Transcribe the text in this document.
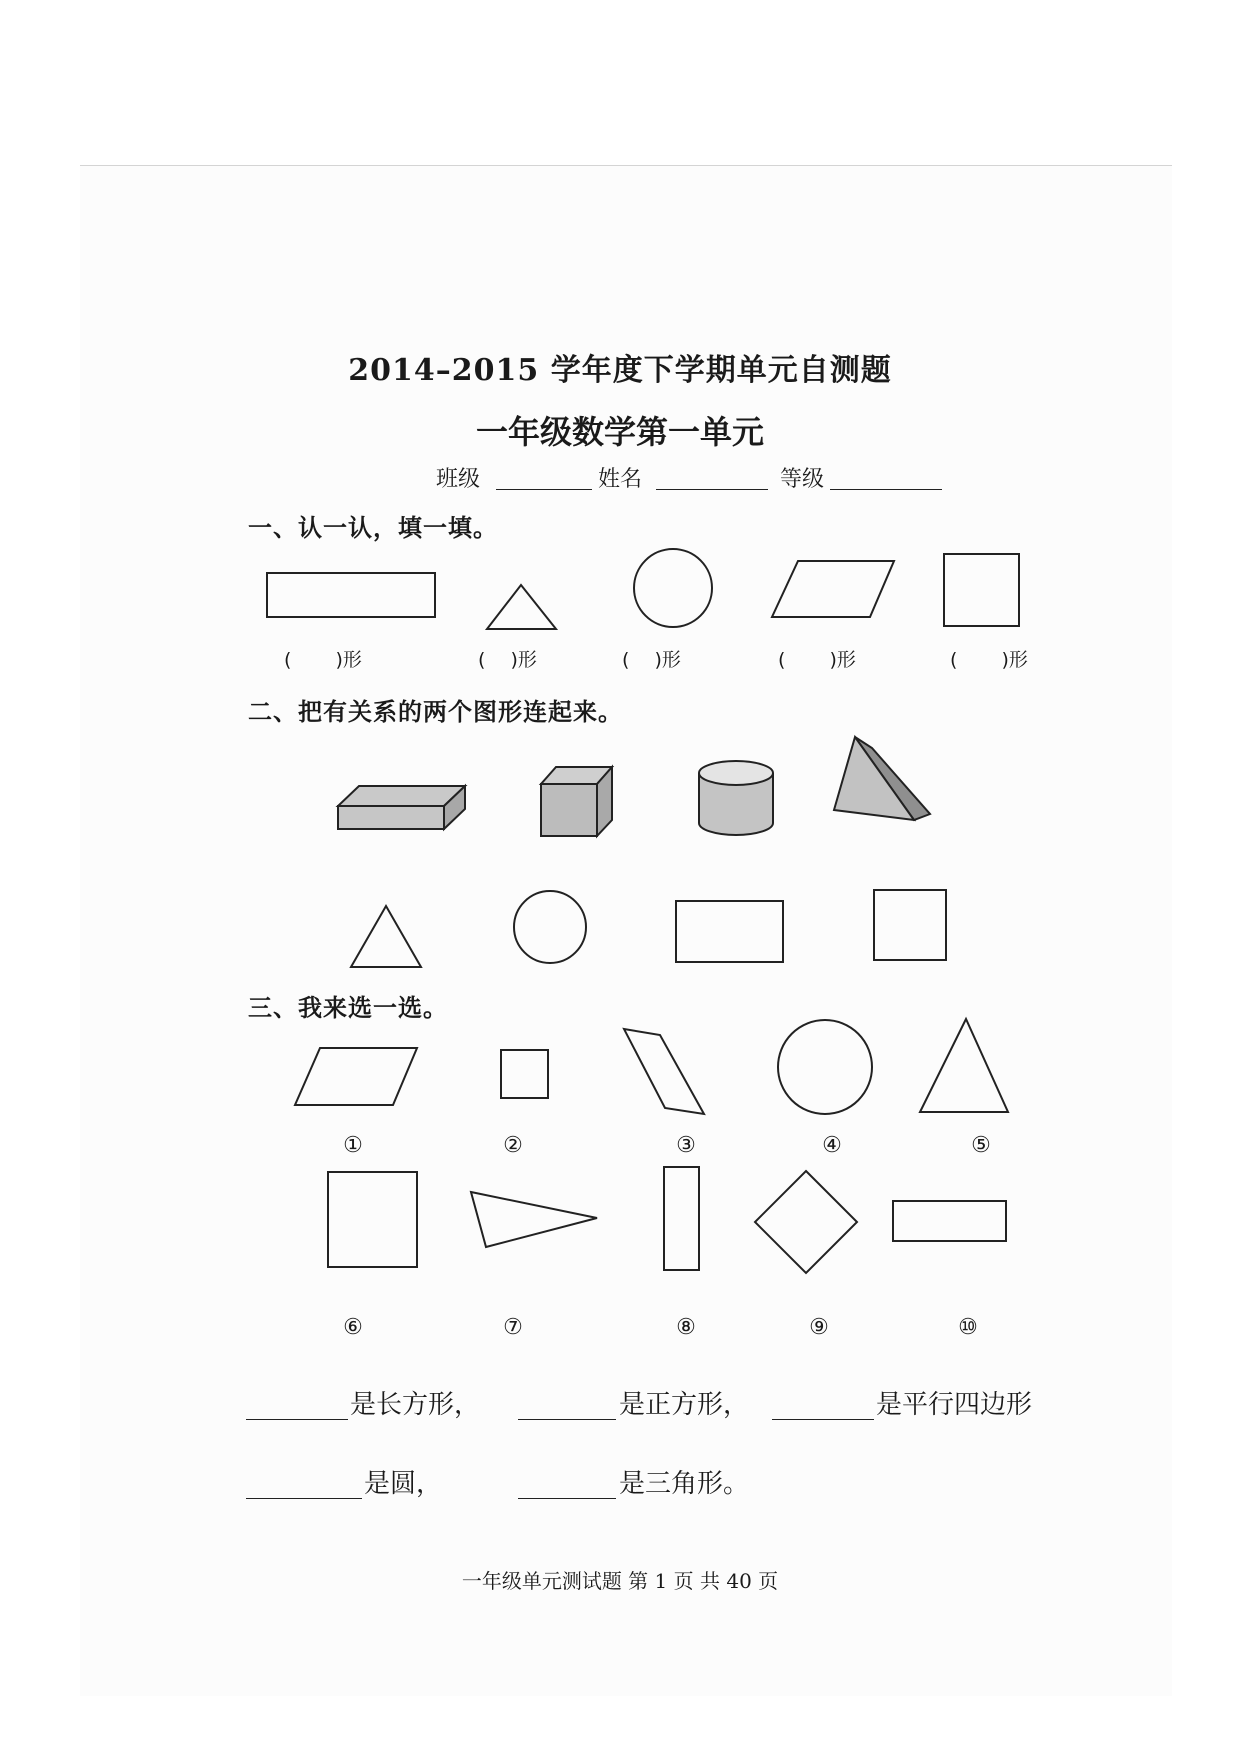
2014–2015 学年度下学期单元自测题
一年级数学第一单元
班级	姓名	等级
一、认一认，填一填。
(　　 )形	(　 )形	(　 )形	(　　 )形	(　　 )形
二、把有关系的两个图形连起来。
三、我来选一选。
①	②	③	④	⑤
⑥	⑦	⑧	⑨	⑩
是长方形，	是正方形，	是平行四边形
是圆，	是三角形。
一年级单元测试题 第 1 页 共 40 页
